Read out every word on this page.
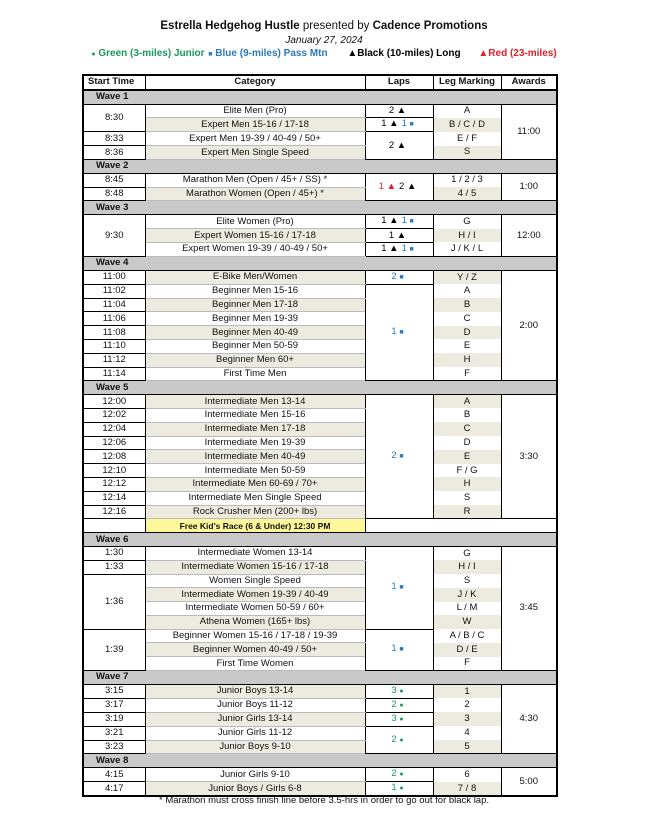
Estrella Hedgehog Hustle presented by Cadence Promotions
January 27, 2024
● Green (3-miles) Junior ■ Blue (9-miles) Pass Mtn ▲Black (10-miles) Long ▲Red (23-miles)
Start Time	Category	Laps	Leg Marking	Awards
Wave 1				
8:30	Elite Men (Pro)	2 ▲	A	11:00
	Expert Men 15-16 / 17-18	1 ▲ 1 ■	B / C / D	
8:33	Expert Men 19-39 / 40-49 / 50+	2 ▲	E / F	
8:36	Expert Men Single Speed		S	
Wave 2				
8:45	Marathon Men (Open / 45+ / SS) *	1 ▲ 2 ▲	1 / 2 / 3	1:00
8:48	Marathon Women (Open / 45+) *		4 / 5	
Wave 3				
9:30	Elite Women (Pro)	1 ▲ 1 ■	G	12:00
	Expert Women 15-16 / 17-18	1 ▲	H / I	
	Expert Women 19-39 / 40-49 / 50+	1 ▲ 1 ■	J / K / L	
Wave 4				
11:00	E-Bike Men/Women	2 ■	Y / Z	2:00
11:02	Beginner Men 15-16	1 ■	A	
11:04	Beginner Men 17-18		B	
11:06	Beginner Men 19-39		C	
11:08	Beginner Men 40-49		D	
11:10	Beginner Men 50-59		E	
11:12	Beginner Men 60+		H	
11:14	First Time Men		F	
Wave 5				
12:00	Intermediate Men 13-14	2 ■	A	3:30
12:02	Intermediate Men 15-16		B	
12:04	Intermediate Men 17-18		C	
12:06	Intermediate Men 19-39		D	
12:08	Intermediate Men 40-49		E	
12:10	Intermediate Men 50-59		F / G	
12:12	Intermediate Men 60-69 / 70+		H	
12:14	Intermediate Men Single Speed		S	
12:16	Rock Crusher Men (200+ lbs)		R	
	Free Kid's Race (6 & Under) 12:30 PM			
Wave 6				
1:30	Intermediate Women 13-14	1 ■	G	3:45
1:33	Intermediate Women 15-16 / 17-18		H / I	
1:36	Women Single Speed		S	
	Intermediate Women 19-39 / 40-49		J / K	
	Intermediate Women 50-59 / 60+		L / M	
	Athena Women (165+ lbs)		W	
1:39	Beginner Women 15-16 / 17-18 / 19-39	1 ■	A / B / C	
	Beginner Women 40-49 / 50+		D / E	
	First Time Women		F	
Wave 7				
3:15	Junior Boys 13-14	3 ●	1	4:30
3:17	Junior Boys 11-12	2 ●	2	
3:19	Junior Girls 13-14	3 ●	3	
3:21	Junior Girls 11-12	2 ●	4	
3:23	Junior Boys 9-10		5	
Wave 8				
4:15	Junior Girls 9-10	2 ●	6	5:00
4:17	Junior Boys / Girls 6-8	1 ●	7 / 8	
* Marathon must cross finish line before 3.5-hrs in order to go out for black lap.
